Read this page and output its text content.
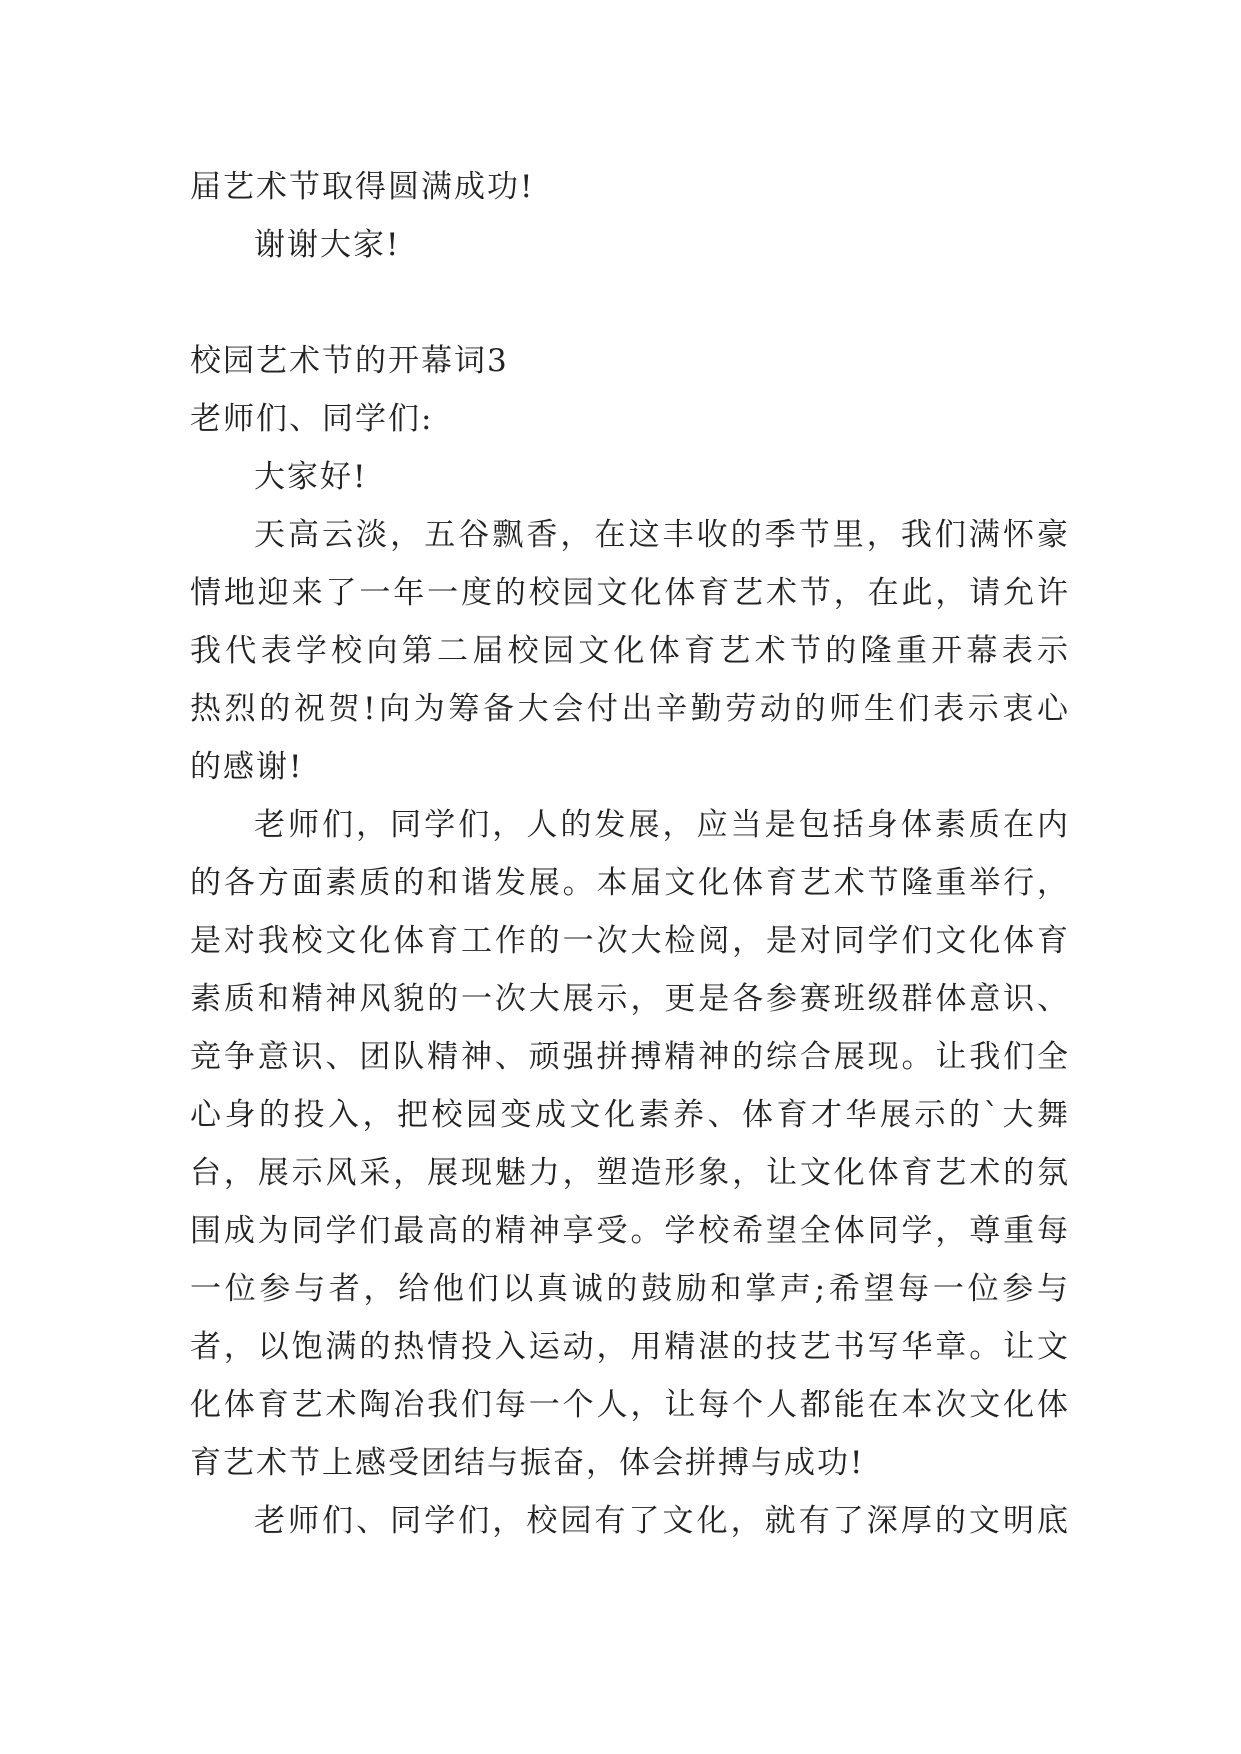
届艺术节取得圆满成功!
谢谢大家!
校园艺术节的开幕词3
老师们、同学们:
大家好!
天高云淡，五谷飘香，在这丰收的季节里，我们满怀豪
情地迎来了一年一度的校园文化体育艺术节，在此，请允许
我代表学校向第二届校园文化体育艺术节的隆重开幕表示
热烈的祝贺!向为筹备大会付出辛勤劳动的师生们表示衷心
的感谢!
老师们，同学们，人的发展，应当是包括身体素质在内
的各方面素质的和谐发展。本届文化体育艺术节隆重举行，
是对我校文化体育工作的一次大检阅，是对同学们文化体育
素质和精神风貌的一次大展示，更是各参赛班级群体意识、
竞争意识、团队精神、顽强拼搏精神的综合展现。让我们全
心身的投入，把校园变成文化素养、体育才华展示的`大舞
台，展示风采，展现魅力，塑造形象，让文化体育艺术的氛
围成为同学们最高的精神享受。学校希望全体同学，尊重每
一位参与者，给他们以真诚的鼓励和掌声;希望每一位参与
者，以饱满的热情投入运动，用精湛的技艺书写华章。让文
化体育艺术陶冶我们每一个人，让每个人都能在本次文化体
育艺术节上感受团结与振奋，体会拼搏与成功!
老师们、同学们，校园有了文化，就有了深厚的文明底
